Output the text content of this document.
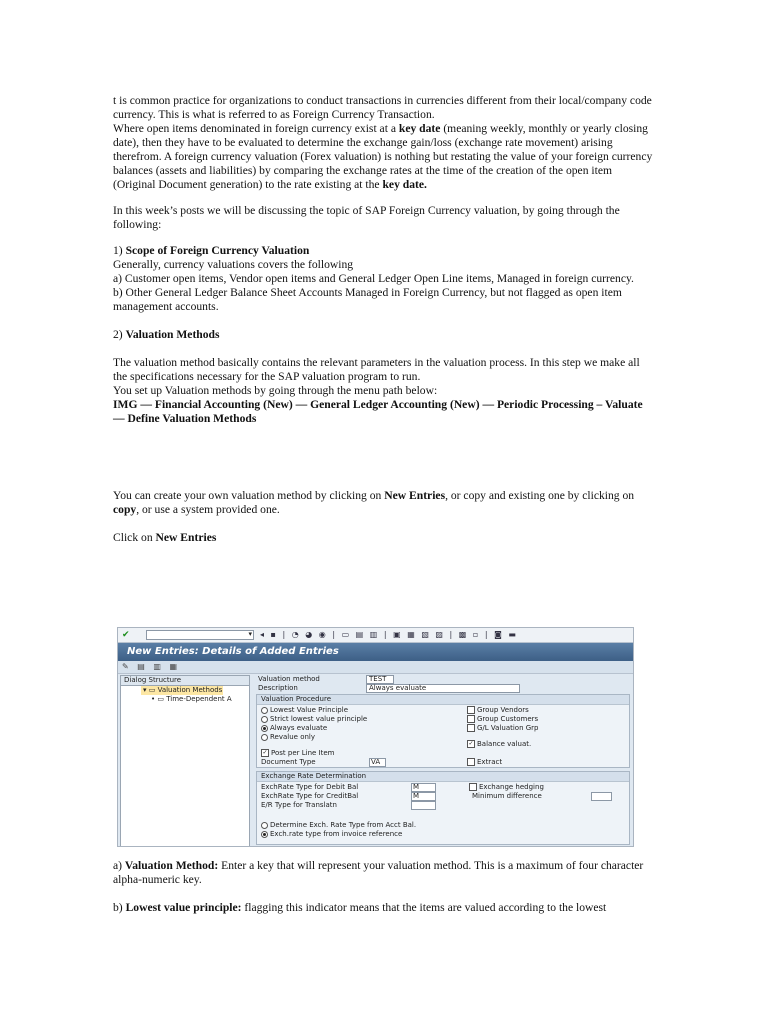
t is common practice for organizations to conduct transactions in currencies different from their local/company code currency. This is what is referred to as Foreign Currency Transaction.

Where open items denominated in foreign currency exist at a key date (meaning weekly, monthly or yearly closing date), then they have to be evaluated to determine the exchange gain/loss (exchange rate movement) arising therefrom. A foreign currency valuation (Forex valuation) is nothing but restating the value of your foreign currency balances (assets and liabilities) by comparing the exchange rates at the time of the creation of the open item (Original Document generation) to the rate existing at the key date.

In this week’s posts we will be discussing the topic of SAP Foreign Currency valuation, by going through the following:

1) Scope of Foreign Currency Valuation

Generally, currency valuations covers the following

a) Customer open items, Vendor open items and General Ledger Open Line items, Managed in foreign currency.

b) Other General Ledger Balance Sheet Accounts Managed in Foreign Currency, but not flagged as open item management accounts.

2) Valuation Methods

The valuation method basically contains the relevant parameters in the valuation process. In this step we make all the specifications necessary for the SAP valuation program to run.

You set up Valuation methods by going through the menu path below:

IMG — Financial Accounting (New) — General Ledger Accounting (New) — Periodic Processing – Valuate — Define Valuation Methods

You can create your own valuation method by clicking on New Entries, or copy and existing one by clicking on copy, or use a system provided one.

Click on New Entries

✔	▾ ◂ ▪ | ◔ ◕ ◉ | ▭ ▤ ▥ | ▣ ▦ ▧ ▨ | ▩ ▫ | ◙ ▬
New Entries: Details of Added Entries
✎ ▤ ▥ ▦
Dialog Structure
▾ ▭ Valuation Methods
• ▭ Time-Dependent A
Valuation method	TEST
Description	Always evaluate
Valuation Procedure
Lowest Value Principle
Strict lowest value principle
Always evaluate
Revalue only
✓ Post per Line Item
Document Type	VA
Group Vendors
Group Customers
G/L Valuation Grp
✓ Balance valuat.
Extract
Exchange Rate Determination
ExchRate Type for Debit Bal	M
ExchRate Type for CreditBal	M
E/R Type for Translatn
Exchange hedging
Minimum difference
Determine Exch. Rate Type from Acct Bal.
Exch.rate type from invoice reference

a) Valuation Method: Enter a key that will represent your valuation method. This is a maximum of four character alpha-numeric key.

b) Lowest value principle: flagging this indicator means that the items are valued according to the lowest
